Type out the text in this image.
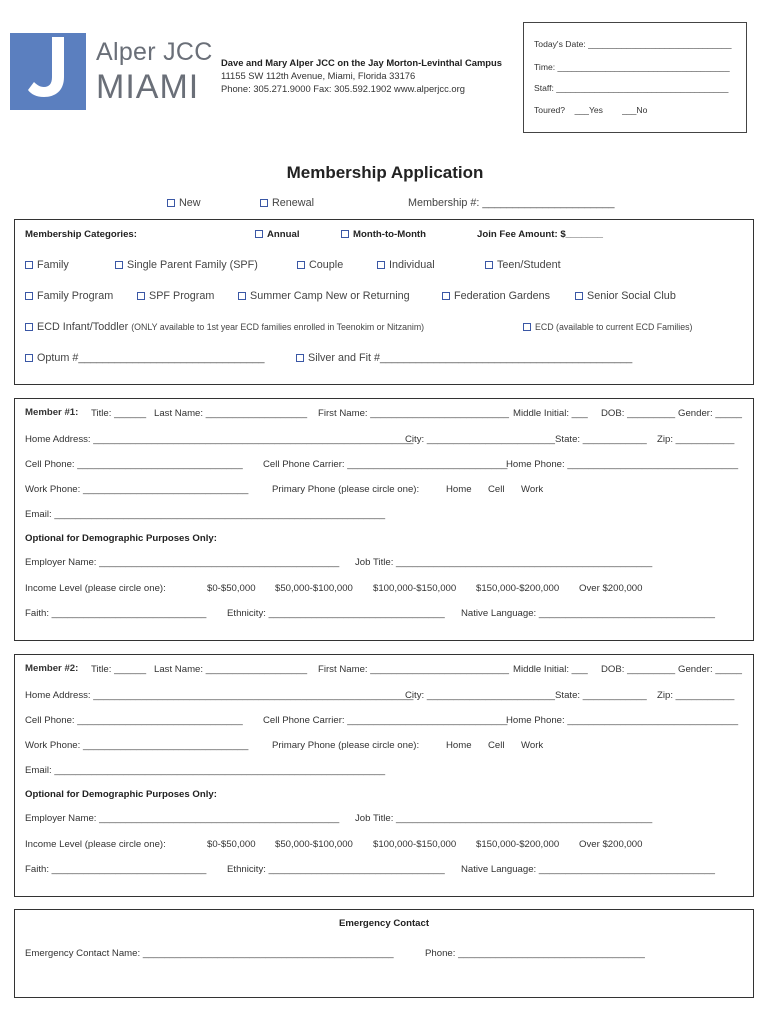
Alper JCC
MIAMI
Dave and Mary Alper JCC on the Jay Morton-Levinthal Campus
11155 SW 112th Avenue, Miami, Florida 33176
Phone: 305.271.9000 Fax: 305.592.1902 www.alperjcc.org
Today's Date: ______________________________
Time: ____________________________________
Staff: ____________________________________
Toured?    ___Yes        ___No
Membership Application
New	Renewal	Membership #: ______________________
Membership Categories:	Annual	Month-to-Month	Join Fee Amount: $_______
Family	Single Parent Family (SPF)	Couple	Individual	Teen/Student
Family Program	SPF Program	Summer Camp New or Returning	Federation Gardens	Senior Social Club
ECD Infant/Toddler (ONLY available to 1st year ECD families enrolled in Teenokim or Nitzanim)	ECD (available to current ECD Families)
Optum #_______________________________	Silver and Fit #__________________________________________
Member #1: Title: ______ Last Name: ___________________ First Name: __________________________ Middle Initial: ___ DOB: _________ Gender: _____
Home Address: ____________________________________________________________
City: ________________________ State: ____________ Zip: ___________
Cell Phone: _______________________________ Cell Phone Carrier: ______________________________
Home Phone: ________________________________
Work Phone: _______________________________ Primary Phone (please circle one):	Home Cell Work
Email: ______________________________________________________________
Optional for Demographic Purposes Only:
Employer Name: _____________________________________________ Job Title: ________________________________________________
Income Level (please circle one):	$0-$50,000 $50,000-$100,000 $100,000-$150,000 $150,000-$200,000 Over $200,000
Faith: _____________________________ Ethnicity: _________________________________ Native Language: _________________________________
Member #2: Title: ______ Last Name: ___________________ First Name: __________________________ Middle Initial: ___ DOB: _________ Gender: _____
Home Address: ____________________________________________________________
City: ________________________ State: ____________ Zip: ___________
Cell Phone: _______________________________ Cell Phone Carrier: ______________________________
Home Phone: ________________________________
Work Phone: _______________________________ Primary Phone (please circle one):	Home Cell Work
Email: ______________________________________________________________
Optional for Demographic Purposes Only:
Employer Name: _____________________________________________ Job Title: ________________________________________________
Income Level (please circle one):	$0-$50,000 $50,000-$100,000 $100,000-$150,000 $150,000-$200,000 Over $200,000
Faith: _____________________________ Ethnicity: _________________________________ Native Language: _________________________________
Emergency Contact
Emergency Contact Name: _______________________________________________	Phone: ___________________________________
